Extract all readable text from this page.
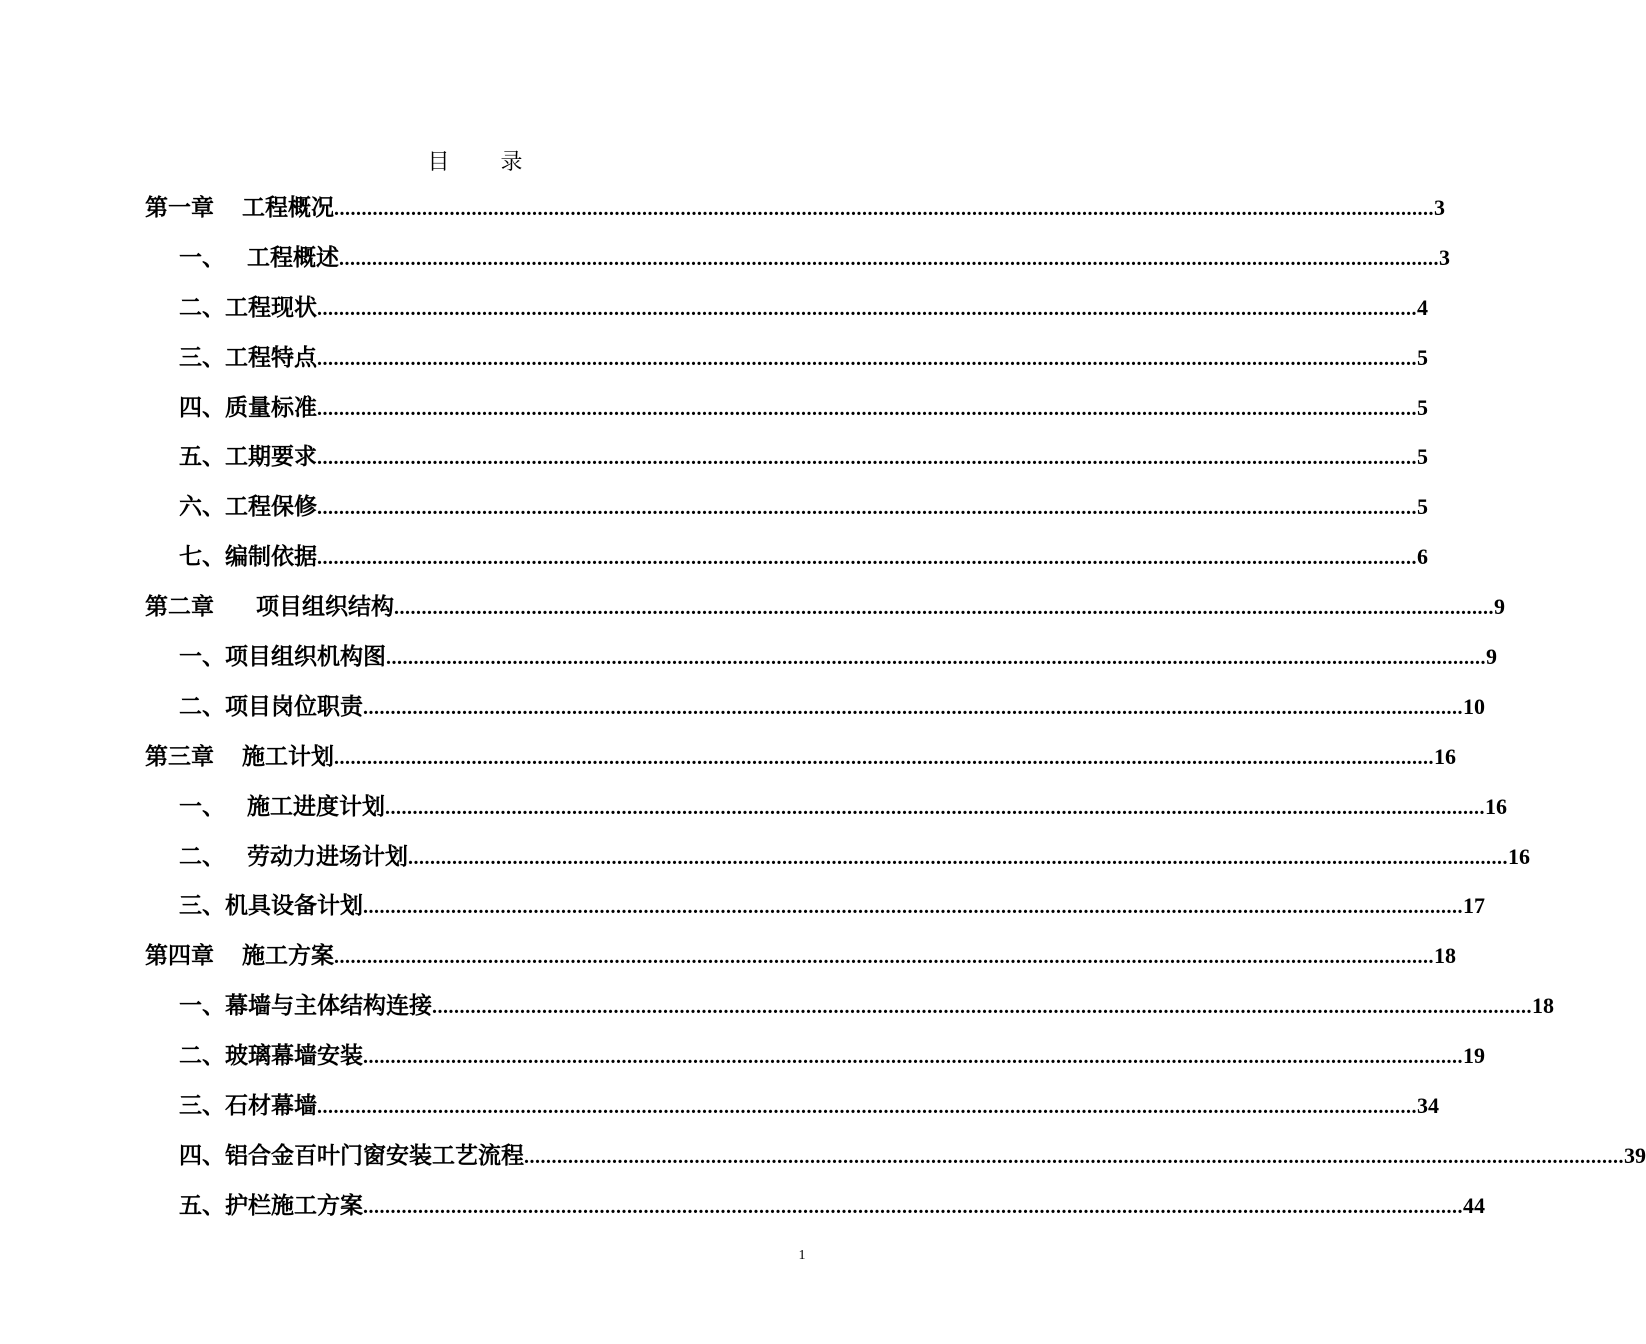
目 录
第一章 工程概况 ........................................................................................................................................................................................................ 3
一、 工程概述 ........................................................................................................................................................................................................ 3
二、 工程现状 ........................................................................................................................................................................................................ 4
三、 工程特点 ........................................................................................................................................................................................................ 5
四、 质量标准 ........................................................................................................................................................................................................ 5
五、 工期要求 ........................................................................................................................................................................................................ 5
六、 工程保修 ........................................................................................................................................................................................................ 5
七、 编制依据 ........................................................................................................................................................................................................ 6
第二章 项目组织结构 ........................................................................................................................................................................................................ 9
一、 项目组织机构图 ........................................................................................................................................................................................................ 9
二、 项目岗位职责 ........................................................................................................................................................................................................ 10
第三章 施工计划 ........................................................................................................................................................................................................ 16
一、 施工进度计划 ........................................................................................................................................................................................................ 16
二、 劳动力进场计划 ........................................................................................................................................................................................................ 16
三、 机具设备计划 ........................................................................................................................................................................................................ 17
第四章 施工方案 ........................................................................................................................................................................................................ 18
一、 幕墙与主体结构连接 ........................................................................................................................................................................................................ 18
二、 玻璃幕墙安装 ........................................................................................................................................................................................................ 19
三、 石材幕墙 ........................................................................................................................................................................................................ 34
四、 铝合金百叶门窗安装工艺流程 ........................................................................................................................................................................................................ 39
五、 护栏施工方案 ........................................................................................................................................................................................................ 44
1
